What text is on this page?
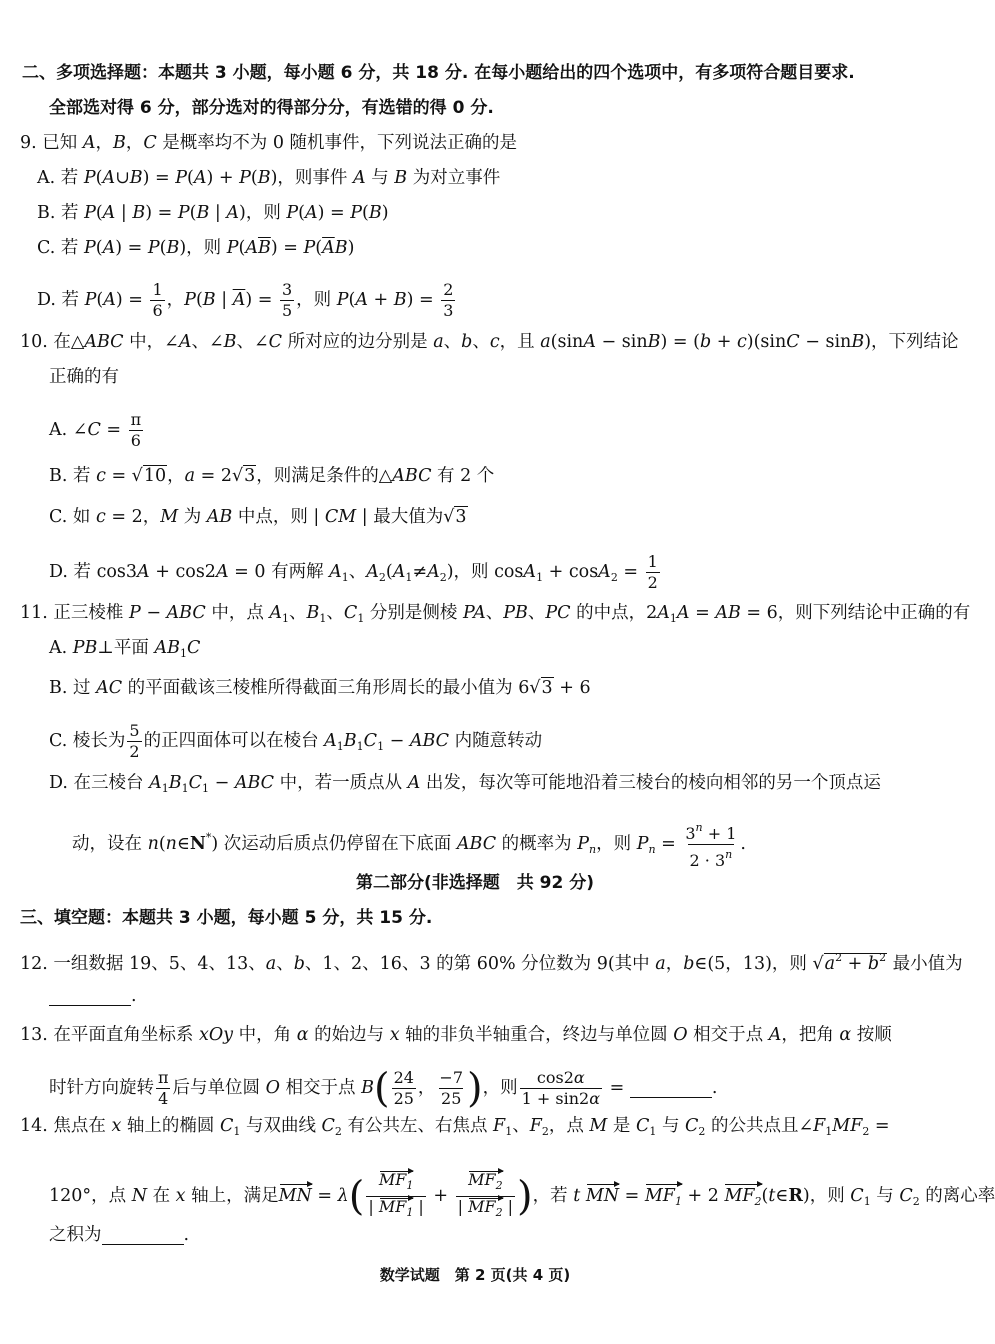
二、多项选择题：本题共 3 小题，每小题 6 分，共 18 分. 在每小题给出的四个选项中，有多项符合题目要求.
全部选对得 6 分，部分选对的得部分分，有选错的得 0 分.
9. 已知 A，B，C 是概率均不为 0 随机事件，下列说法正确的是
A. 若 P(A∪B) = P(A) + P(B)，则事件 A 与 B 为对立事件
B. 若 P(A | B) = P(B | A)，则 P(A) = P(B)
C. 若 P(A) = P(B)，则 $P(A\overline{B}) = P(\overline{A}B)$
D. 若 $P(A) = \frac{1}{6}$ ，P(B | $\overline{A}) = \frac{3}{5}$ ，则 $P(A + B) = \frac{2}{3}$
10. 在△ABC 中，∠A、∠B、∠C 所对应的边分别是 a、b、c，且 a(sinA − sinB) = (b + c)(sinC − sinB)，下列结论
正确的有
A. ∠C = $\frac{\pi}{6}$
B. 若 c = √10，a = 2√3，则满足条件的△ABC 有 2 个
C. 如 c = 2，M 为 AB 中点，则 | CM | 最大值为√3
D. 若 cos3A + cos2A = 0 有两解 $A_1$、$A_2(A_1\ne A_2)$，则 $\cos A_1 + \cos A_2 = \frac{1}{2}$
11. 正三棱椎 P − ABC 中，点 $A_1$、$B_1$、$C_1$ 分别是侧棱 PA、PB、PC 的中点，$2A_1A$ = AB = 6，则下列结论中正确的有
A. PB⊥平面 $AB_1C$
B. 过 AC 的平面截该三棱椎所得截面三角形周长的最小值为 6√3 + 6
C. 棱长为 $\frac{5}{2}$ 的正四面体可以在棱台 $A_1B_1C_1$ − ABC 内随意转动
D. 在三棱台 $A_1B_1C_1$ − ABC 中，若一质点从 A 出发，每次等可能地沿着三棱台的棱向相邻的另一个顶点运
动，设在 n(n∈N*) 次运动后质点仍停留在下底面 ABC 的概率为 $P_n$，则 $P_n = \frac{3^n + 1}{2 \cdot 3^n}$ .
第二部分(非选择题　共 92 分)
三、填空题：本题共 3 小题，每小题 5 分，共 15 分.
12. 一组数据 19、5、4、13、a、b、1、2、16、3 的第 60% 分位数为 9(其中 a，b∈(5，13)，则 $√a^2 + b^2$ 最小值为
.
13. 在平面直角坐标系 xOy 中，角 α 的始边与 x 轴的非负半轴重合，终边与单位圆 O 相交于点 A，把角 α 按顺
时针方向旋转 $\frac{\pi}{4}$ 后与单位圆 O 相交于点 $B( \frac{24}{25}$ ， $\frac{-7}{25}$ )，则 $\frac{\cos 2\alpha}{1 + \sin 2\alpha}$ =	.
14. 焦点在 x 轴上的椭圆 $C_1$ 与双曲线 $C_2$ 有公共左、右焦点 $F_1$、$F_2$，点 M 是 $C_1$ 与 $C_2$ 的公共点且$\angle F_1MF_2$ =
120°，点 N 在 x 轴上，满足MN = $\lambda( \frac{MF_1}{| MF_1 |} + \frac{MF_2}{| MF_2 |}$ )，若 t MN = $MF_1 + 2$ $MF_2(t\in R)$，则 $C_1$ 与 $C_2$ 的离心率
之积为	.
数学试题　第 2 页(共 4 页)
